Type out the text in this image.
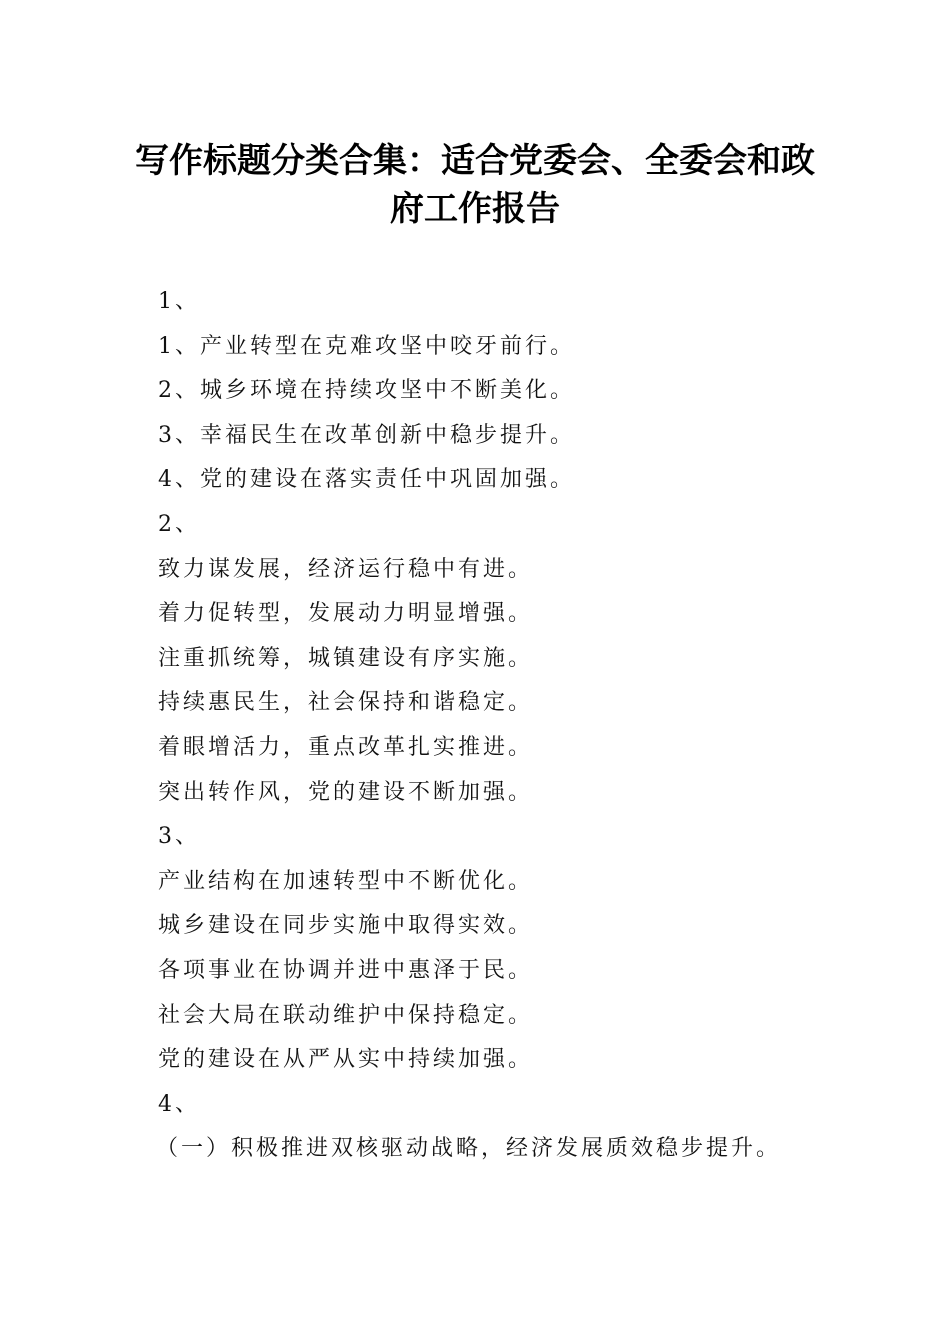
写作标题分类合集：适合党委会、全委会和政
府工作报告
1、
1、产业转型在克难攻坚中咬牙前行。
2、城乡环境在持续攻坚中不断美化。
3、幸福民生在改革创新中稳步提升。
4、党的建设在落实责任中巩固加强。
2、
致力谋发展，经济运行稳中有进。
着力促转型，发展动力明显增强。
注重抓统筹，城镇建设有序实施。
持续惠民生，社会保持和谐稳定。
着眼增活力，重点改革扎实推进。
突出转作风，党的建设不断加强。
3、
产业结构在加速转型中不断优化。
城乡建设在同步实施中取得实效。
各项事业在协调并进中惠泽于民。
社会大局在联动维护中保持稳定。
党的建设在从严从实中持续加强。
4、
（一）积极推进双核驱动战略，经济发展质效稳步提升。
